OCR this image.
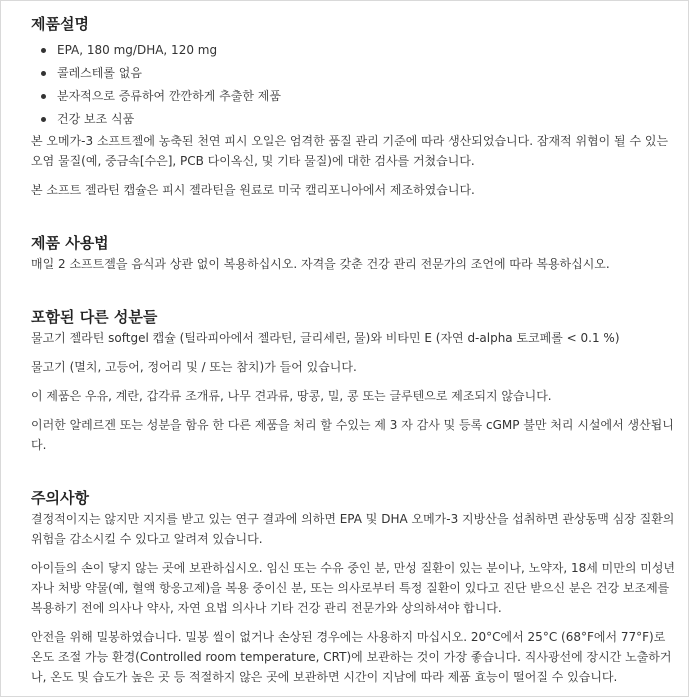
제품설명
EPA, 180 mg/DHA, 120 mg
콜레스테롤 없음
분자적으로 증류하여 깐깐하게 추출한 제품
건강 보조 식품

본 오메가-3 소프트젤에 농축된 천연 피시 오일은 엄격한 품질 관리 기준에 따라 생산되었습니다. 잠재적 위협이 될 수 있는 오염 물질(예, 중금속[수은], PCB 다이옥신, 및 기타 물질)에 대한 검사를 거쳤습니다.

본 소프트 젤라틴 캡슐은 피시 젤라틴을 원료로 미국 캘리포니아에서 제조하였습니다.

제품 사용법

매일 2 소프트젤을 음식과 상관 없이 복용하십시오. 자격을 갖춘 건강 관리 전문가의 조언에 따라 복용하십시오.

포함된 다른 성분들

물고기 젤라틴 softgel 캡슐 (틸라피아에서 젤라틴, 글리세린, 물)와 비타민 E (자연 d-alpha 토코페롤 < 0.1 %)

물고기 (멸치, 고등어, 정어리 및 / 또는 참치)가 들어 있습니다.

이 제품은 우유, 계란, 갑각류 조개류, 나무 견과류, 땅콩, 밀, 콩 또는 글루텐으로 제조되지 않습니다.

이러한 알레르겐 또는 성분을 함유 한 다른 제품을 처리 할 수있는 제 3 자 감사 및 등록 cGMP 불만 처리 시설에서 생산됩니다.

주의사항

결정적이지는 않지만 지지를 받고 있는 연구 결과에 의하면 EPA 및 DHA 오메가-3 지방산을 섭취하면 관상동맥 심장 질환의 위험을 감소시킬 수 있다고 알려져 있습니다.

아이들의 손이 닿지 않는 곳에 보관하십시오. 임신 또는 수유 중인 분, 만성 질환이 있는 분이나, 노약자, 18세 미만의 미성년자나 처방 약물(예, 혈액 항응고제)을 복용 중이신 분, 또는 의사로부터 특정 질환이 있다고 진단 받으신 분은 건강 보조제를 복용하기 전에 의사나 약사, 자연 요법 의사나 기타 건강 관리 전문가와 상의하셔야 합니다.

안전을 위해 밀봉하였습니다. 밀봉 씰이 없거나 손상된 경우에는 사용하지 마십시오. 20°C에서 25°C (68°F에서 77°F)로 온도 조절 가능 환경(Controlled room temperature, CRT)에 보관하는 것이 가장 좋습니다. 직사광선에 장시간 노출하거나, 온도 및 습도가 높은 곳 등 적절하지 않은 곳에 보관하면 시간이 지남에 따라 제품 효능이 떨어질 수 있습니다.
